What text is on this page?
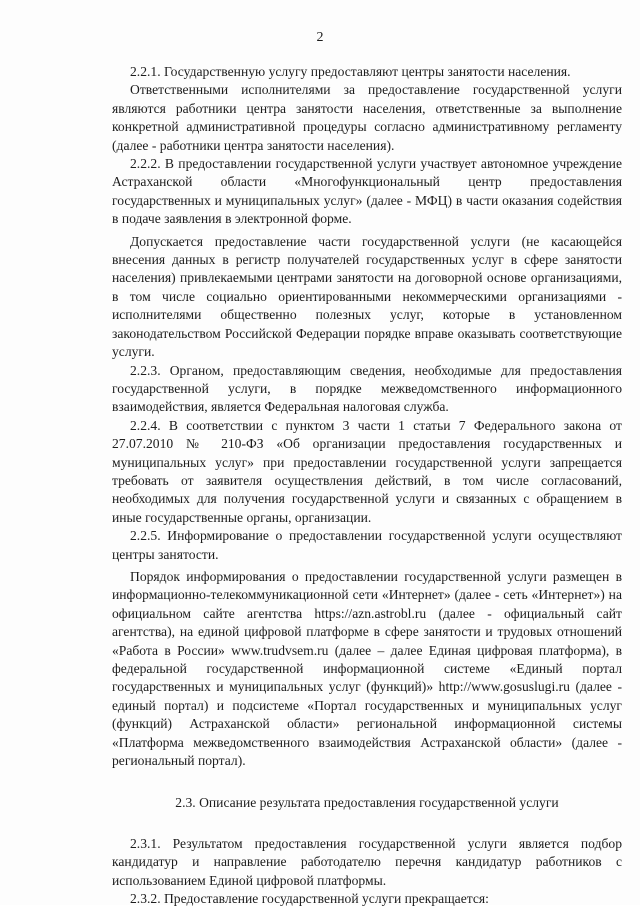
2

2.2.1. Государственную услугу предоставляют центры занятости населения.

Ответственными исполнителями за предоставление государственной услуги являются работники центра занятости населения, ответственные за выполнение конкретной административной процедуры согласно административному регламенту (далее - работники центра занятости населения).

2.2.2. В предоставлении государственной услуги участвует автономное учреждение Астраханской области «Многофункциональный центр предоставления государственных и муниципальных услуг» (далее - МФЦ) в части оказания содействия в подаче заявления в электронной форме.

Допускается предоставление части государственной услуги (не касающейся внесения данных в регистр получателей государственных услуг в сфере занятости населения) привлекаемыми центрами занятости на договорной основе организациями, в том числе социально ориентированными некоммерческими организациями - исполнителями общественно полезных услуг, которые в установленном законодательством Российской Федерации порядке вправе оказывать соответствующие услуги.

2.2.3. Органом, предоставляющим сведения, необходимые для предоставления государственной услуги, в порядке межведомственного информационного взаимодействия, является Федеральная налоговая служба.

2.2.4. В соответствии с пунктом 3 части 1 статьи 7 Федерального закона от 27.07.2010 № 210-ФЗ «Об организации предоставления государственных и муниципальных услуг» при предоставлении государственной услуги запрещается требовать от заявителя осуществления действий, в том числе согласований, необходимых для получения государственной услуги и связанных с обращением в иные государственные органы, организации.

2.2.5. Информирование о предоставлении государственной услуги осуществляют центры занятости.

Порядок информирования о предоставлении государственной услуги размещен в информационно-телекоммуникационной сети «Интернет» (далее - сеть «Интернет») на официальном сайте агентства https://azn.astrobl.ru (далее - официальный сайт агентства), на единой цифровой платформе в сфере занятости и трудовых отношений «Работа в России» www.trudvsem.ru (далее – далее Единая цифровая платформа), в федеральной государственной информационной системе «Единый портал государственных и муниципальных услуг (функций)» http://www.gosuslugi.ru (далее - единый портал) и подсистеме «Портал государственных и муниципальных услуг (функций) Астраханской области» региональной информационной системы «Платформа межведомственного взаимодействия Астраханской области» (далее - региональный портал).

2.3. Описание результата предоставления государственной услуги

2.3.1. Результатом предоставления государственной услуги является подбор кандидатур и направление работодателю перечня кандидатур работников с использованием Единой цифровой платформы.

2.3.2. Предоставление государственной услуги прекращается:
